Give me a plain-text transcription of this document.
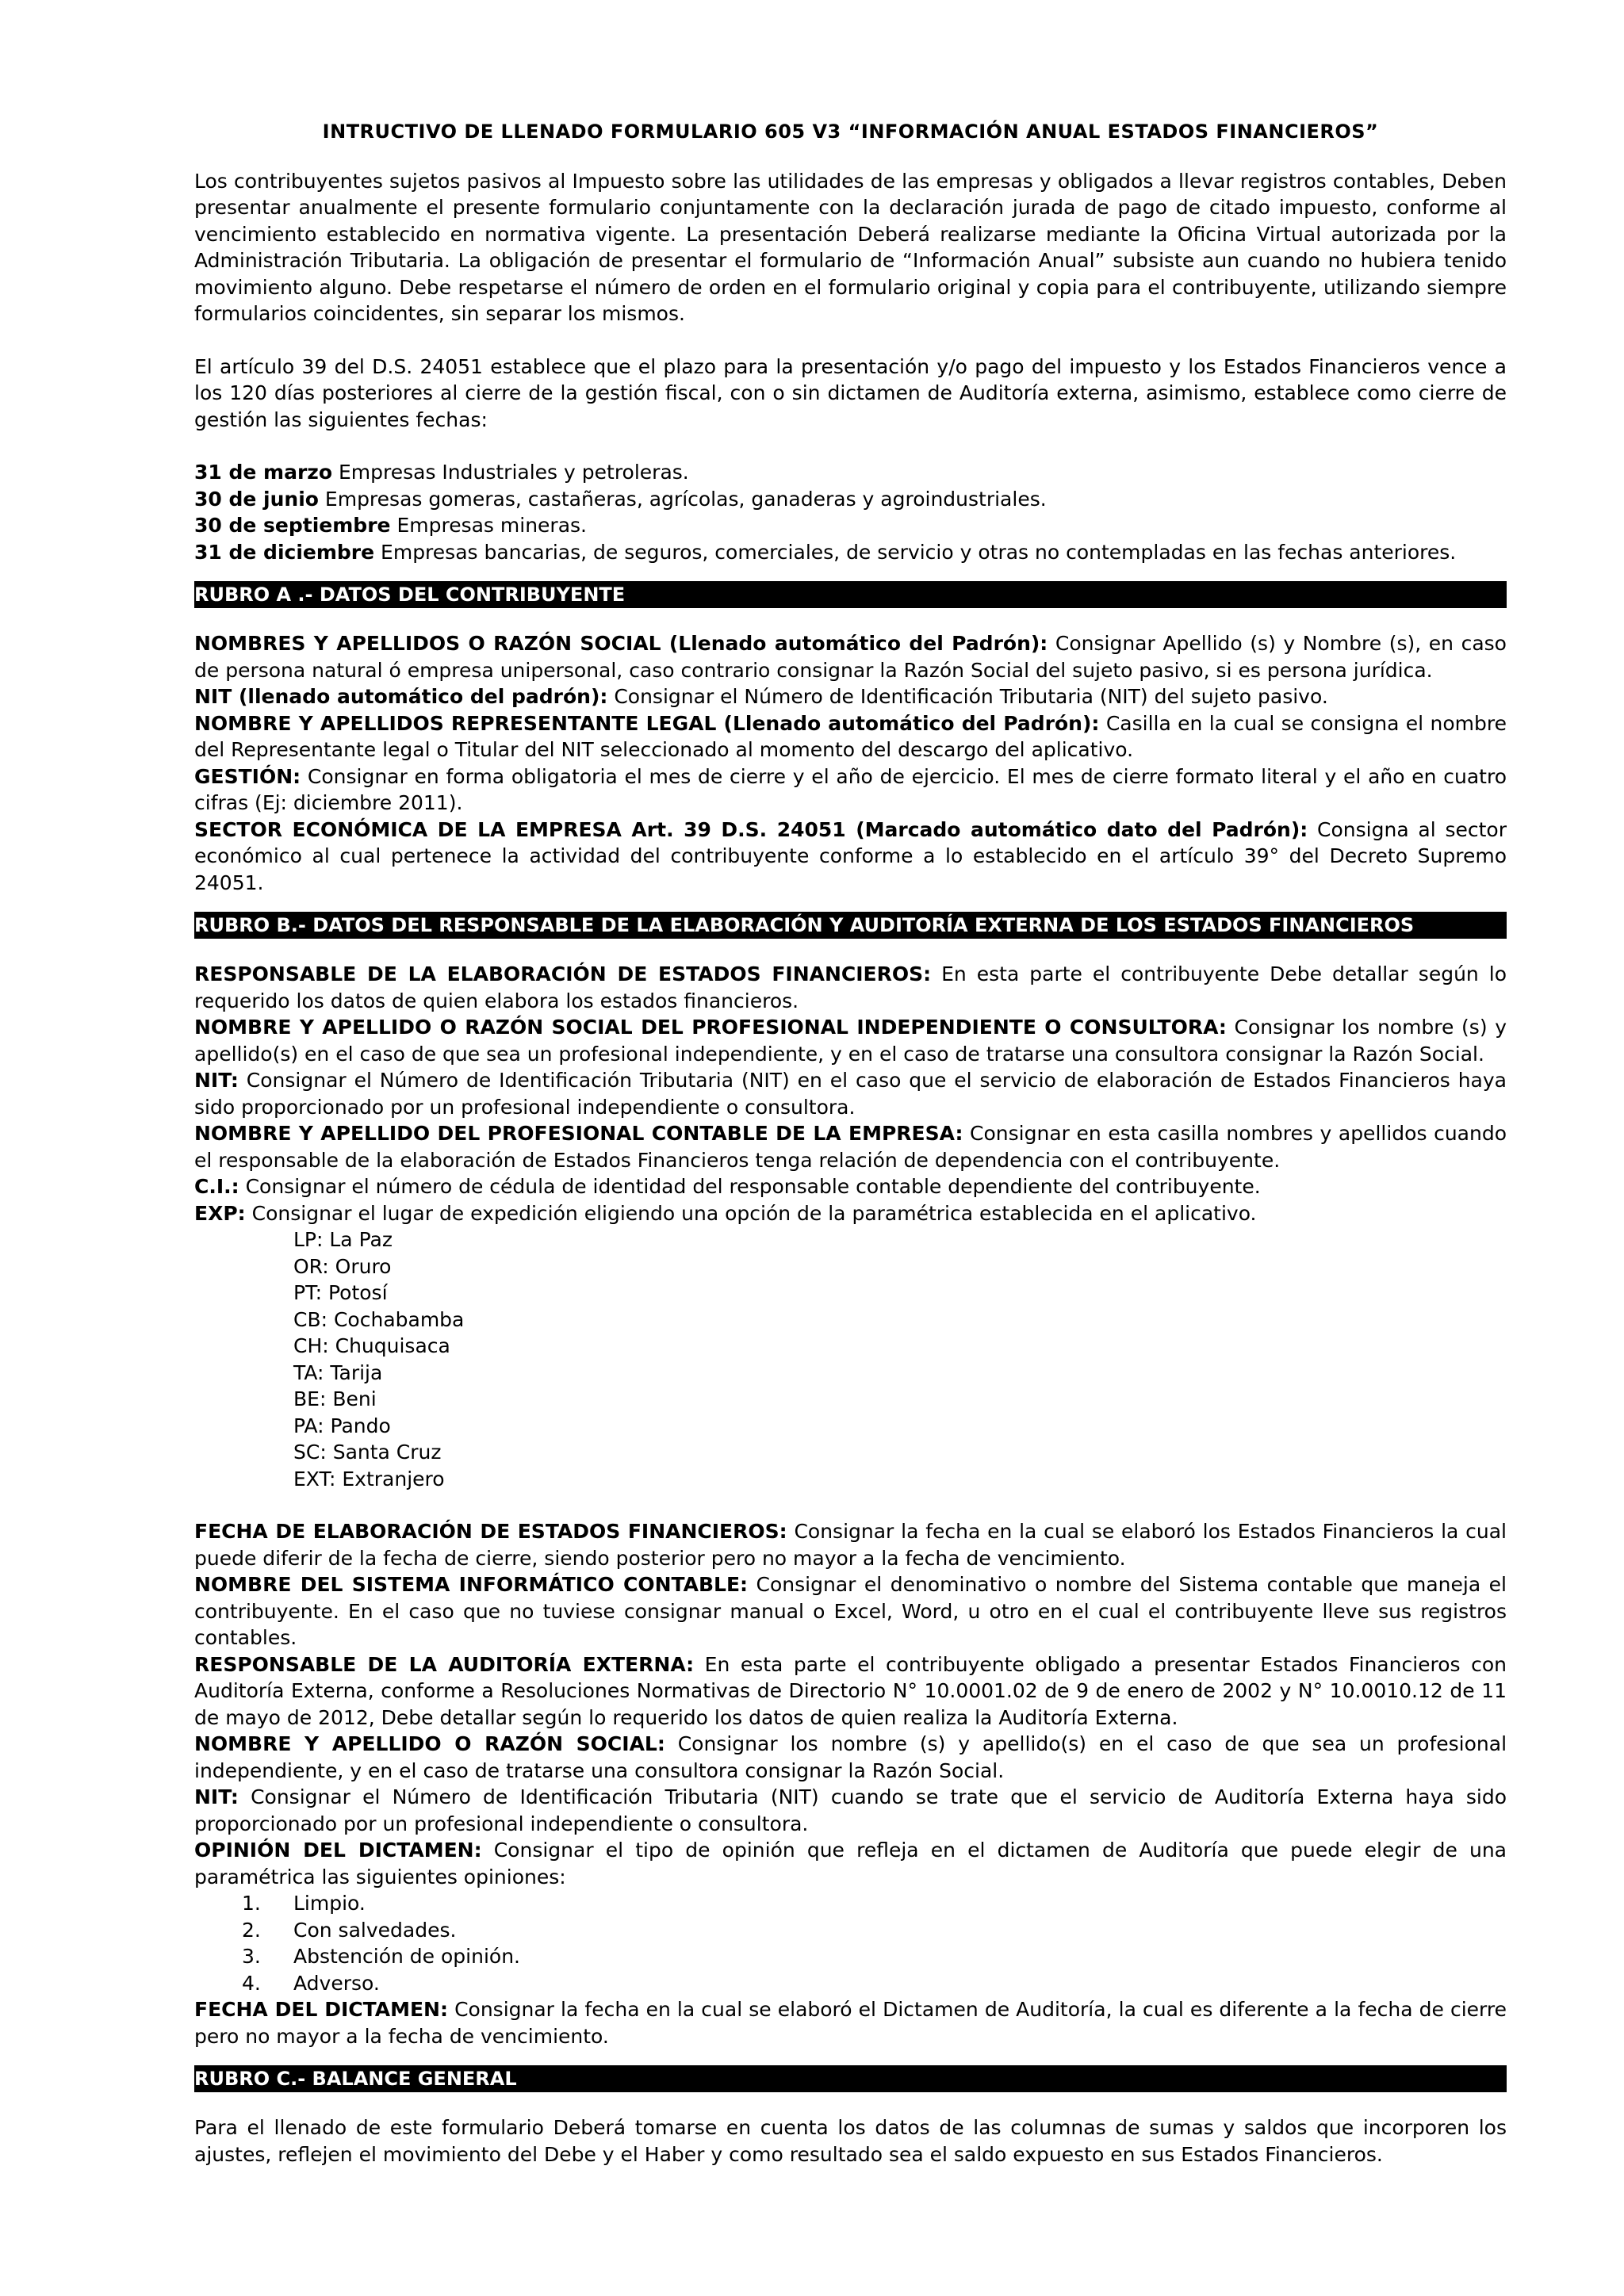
INTRUCTIVO DE LLENADO FORMULARIO 605 V3 “INFORMACIÓN ANUAL ESTADOS FINANCIEROS”

Los contribuyentes sujetos pasivos al Impuesto sobre las utilidades de las empresas y obligados a llevar registros contables, Deben presentar anualmente el presente formulario conjuntamente con la declaración jurada de pago de citado impuesto, conforme al vencimiento establecido en normativa vigente. La presentación Deberá realizarse mediante la Oficina Virtual autorizada por la Administración Tributaria. La obligación de presentar el formulario de “Información Anual” subsiste aun cuando no hubiera tenido movimiento alguno. Debe respetarse el número de orden en el formulario original y copia para el contribuyente, utilizando siempre formularios coincidentes, sin separar los mismos.

El artículo 39 del D.S. 24051 establece que el plazo para la presentación y/o pago del impuesto y los Estados Financieros vence a los 120 días posteriores al cierre de la gestión fiscal, con o sin dictamen de Auditoría externa, asimismo, establece como cierre de gestión las siguientes fechas:

31 de marzo Empresas Industriales y petroleras.

30 de junio Empresas gomeras, castañeras, agrícolas, ganaderas y agroindustriales.

30 de septiembre Empresas mineras.

31 de diciembre Empresas bancarias, de seguros, comerciales, de servicio y otras no contempladas en las fechas anteriores.

RUBRO A .- DATOS DEL CONTRIBUYENTE

NOMBRES Y APELLIDOS O RAZÓN SOCIAL (Llenado automático del Padrón): Consignar Apellido (s) y Nombre (s), en caso de persona natural ó empresa unipersonal, caso contrario consignar la Razón Social del sujeto pasivo, si es persona jurídica.

NIT (llenado automático del padrón): Consignar el Número de Identificación Tributaria (NIT) del sujeto pasivo.

NOMBRE Y APELLIDOS REPRESENTANTE LEGAL (Llenado automático del Padrón): Casilla en la cual se consigna el nombre del Representante legal o Titular del NIT seleccionado al momento del descargo del aplicativo.

GESTIÓN: Consignar en forma obligatoria el mes de cierre y el año de ejercicio. El mes de cierre formato literal y el año en cuatro cifras (Ej: diciembre 2011).

SECTOR ECONÓMICA DE LA EMPRESA Art. 39 D.S. 24051 (Marcado automático dato del Padrón): Consigna al sector económico al cual pertenece la actividad del contribuyente conforme a lo establecido en el artículo 39° del Decreto Supremo 24051.

RUBRO B.- DATOS DEL RESPONSABLE DE LA ELABORACIÓN Y AUDITORÍA EXTERNA DE LOS ESTADOS FINANCIEROS

RESPONSABLE DE LA ELABORACIÓN DE ESTADOS FINANCIEROS: En esta parte el contribuyente Debe detallar según lo requerido los datos de quien elabora los estados financieros.

NOMBRE Y APELLIDO O RAZÓN SOCIAL DEL PROFESIONAL INDEPENDIENTE O CONSULTORA: Consignar los nombre (s) y apellido(s) en el caso de que sea un profesional independiente, y en el caso de tratarse una consultora consignar la Razón Social.

NIT: Consignar el Número de Identificación Tributaria (NIT) en el caso que el servicio de elaboración de Estados Financieros haya sido proporcionado por un profesional independiente o consultora.

NOMBRE Y APELLIDO DEL PROFESIONAL CONTABLE DE LA EMPRESA: Consignar en esta casilla nombres y apellidos cuando el responsable de la elaboración de Estados Financieros tenga relación de dependencia con el contribuyente.

C.I.: Consignar el número de cédula de identidad del responsable contable dependiente del contribuyente.

EXP: Consignar el lugar de expedición eligiendo una opción de la paramétrica establecida en el aplicativo.

LP: La Paz
OR: Oruro
PT: Potosí
CB: Cochabamba
CH: Chuquisaca
TA: Tarija
BE: Beni
PA: Pando
SC: Santa Cruz
EXT: Extranjero

FECHA DE ELABORACIÓN DE ESTADOS FINANCIEROS: Consignar la fecha en la cual se elaboró los Estados Financieros la cual puede diferir de la fecha de cierre, siendo posterior pero no mayor a la fecha de vencimiento.

NOMBRE DEL SISTEMA INFORMÁTICO CONTABLE: Consignar el denominativo o nombre del Sistema contable que maneja el contribuyente. En el caso que no tuviese consignar manual o Excel, Word, u otro en el cual el contribuyente lleve sus registros contables.

RESPONSABLE DE LA AUDITORÍA EXTERNA: En esta parte el contribuyente obligado a presentar Estados Financieros con Auditoría Externa, conforme a Resoluciones Normativas de Directorio N° 10.0001.02 de 9 de enero de 2002 y N° 10.0010.12 de 11 de mayo de 2012, Debe detallar según lo requerido los datos de quien realiza la Auditoría Externa.

NOMBRE Y APELLIDO O RAZÓN SOCIAL: Consignar los nombre (s) y apellido(s) en el caso de que sea un profesional independiente, y en el caso de tratarse una consultora consignar la Razón Social.

NIT: Consignar el Número de Identificación Tributaria (NIT) cuando se trate que el servicio de Auditoría Externa haya sido proporcionado por un profesional independiente o consultora.

OPINIÓN DEL DICTAMEN: Consignar el tipo de opinión que refleja en el dictamen de Auditoría que puede elegir de una paramétrica las siguientes opiniones:

1. Limpio.
2. Con salvedades.
3. Abstención de opinión.
4. Adverso.

FECHA DEL DICTAMEN: Consignar la fecha en la cual se elaboró el Dictamen de Auditoría, la cual es diferente a la fecha de cierre pero no mayor a la fecha de vencimiento.

RUBRO C.- BALANCE GENERAL

Para el llenado de este formulario Deberá tomarse en cuenta los datos de las columnas de sumas y saldos que incorporen los ajustes, reflejen el movimiento del Debe y el Haber y como resultado sea el saldo expuesto en sus Estados Financieros.
